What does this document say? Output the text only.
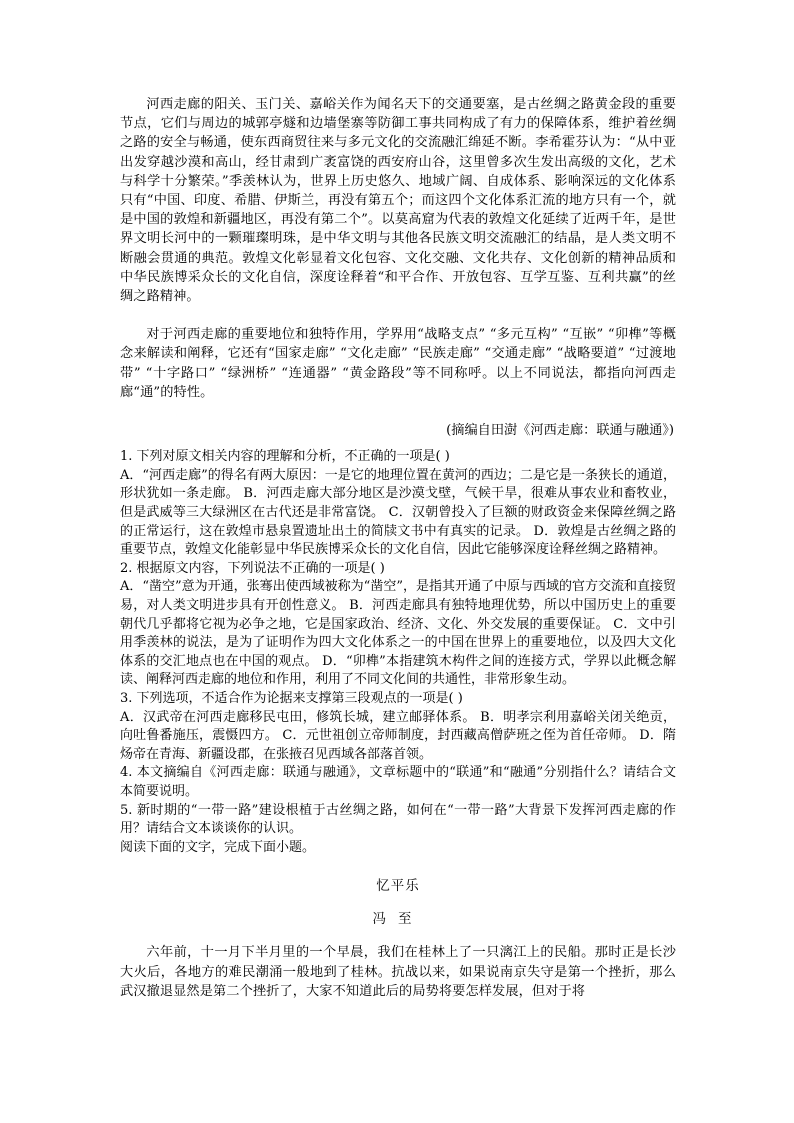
河西走廊的阳关、玉门关、嘉峪关作为闻名天下的交通要塞，是古丝绸之路黄金段的重要节点，它们与周边的城郭亭燧和边墙堡寨等防御工事共同构成了有力的保障体系，维护着丝绸之路的安全与畅通，使东西商贸往来与多元文化的交流融汇绵延不断。李希霍芬认为：“从中亚出发穿越沙漠和高山，经甘肃到广袤富饶的西安府山谷，这里曾多次生发出高级的文化，艺术与科学十分繁荣。”季羡林认为，世界上历史悠久、地域广阔、自成体系、影响深远的文化体系只有“中国、印度、希腊、伊斯兰，再没有第五个；而这四个文化体系汇流的地方只有一个，就是中国的敦煌和新疆地区，再没有第二个”。以莫高窟为代表的敦煌文化延续了近两千年，是世界文明长河中的一颗璀璨明珠，是中华文明与其他各民族文明交流融汇的结晶，是人类文明不断融会贯通的典范。敦煌文化彰显着文化包容、文化交融、文化共存、文化创新的精神品质和中华民族博采众长的文化自信，深度诠释着“和平合作、开放包容、互学互鉴、互利共赢”的丝绸之路精神。

对于河西走廊的重要地位和独特作用，学界用“战略支点” “多元互构” “互嵌” “卯榫”等概念来解读和阐释，它还有“国家走廊” “文化走廊” “民族走廊” “交通走廊” “战略要道” “过渡地带” “十字路口” “绿洲桥” “连通器” “黄金路段”等不同称呼。以上不同说法，都指向河西走廊“通”的特性。

(摘编自田澍《河西走廊：联通与融通》)

1. 下列对原文相关内容的理解和分析，不正确的一项是( )

A．“河西走廊”的得名有两大原因：一是它的地理位置在黄河的西边；二是它是一条狭长的通道，形状犹如一条走廊。 B．河西走廊大部分地区是沙漠戈壁，气候干旱，很难从事农业和畜牧业，但是武威等三大绿洲区在古代还是非常富饶。 C．汉朝曾投入了巨额的财政资金来保障丝绸之路的正常运行，这在敦煌市悬泉置遗址出土的简牍文书中有真实的记录。 D．敦煌是古丝绸之路的重要节点，敦煌文化能彰显中华民族博采众长的文化自信，因此它能够深度诠释丝绸之路精神。

2. 根据原文内容，下列说法不正确的一项是( )

A．“凿空”意为开通，张骞出使西域被称为“凿空”，是指其开通了中原与西域的官方交流和直接贸易，对人类文明进步具有开创性意义。 B．河西走廊具有独特地理优势，所以中国历史上的重要朝代几乎都将它视为必争之地，它是国家政治、经济、文化、外交发展的重要保证。 C．文中引用季羡林的说法，是为了证明作为四大文化体系之一的中国在世界上的重要地位，以及四大文化体系的交汇地点也在中国的观点。 D．“卯榫”本指建筑木构件之间的连接方式，学界以此概念解读、阐释河西走廊的地位和作用，利用了不同文化间的共通性，非常形象生动。

3. 下列选项，不适合作为论据来支撑第三段观点的一项是( )

A．汉武帝在河西走廊移民屯田，修筑长城，建立邮驿体系。 B．明孝宗利用嘉峪关闭关绝贡，向吐鲁番施压，震慑四方。 C．元世祖创立帝师制度，封西藏高僧萨班之侄为首任帝师。 D．隋炀帝在青海、新疆设郡，在张掖召见西域各部落首领。

4. 本文摘编自《河西走廊：联通与融通》，文章标题中的“联通”和“融通”分别指什么？请结合文本简要说明。

5. 新时期的“一带一路”建设根植于古丝绸之路，如何在“一带一路”大背景下发挥河西走廊的作用？请结合文本谈谈你的认识。

阅读下面的文字，完成下面小题。

忆平乐

冯至

六年前，十一月下半月里的一个早晨，我们在桂林上了一只漓江上的民船。那时正是长沙大火后，各地方的难民潮涌一般地到了桂林。抗战以来，如果说南京失守是第一个挫折，那么武汉撤退显然是第二个挫折了，大家不知道此后的局势将要怎样发展，但对于将
